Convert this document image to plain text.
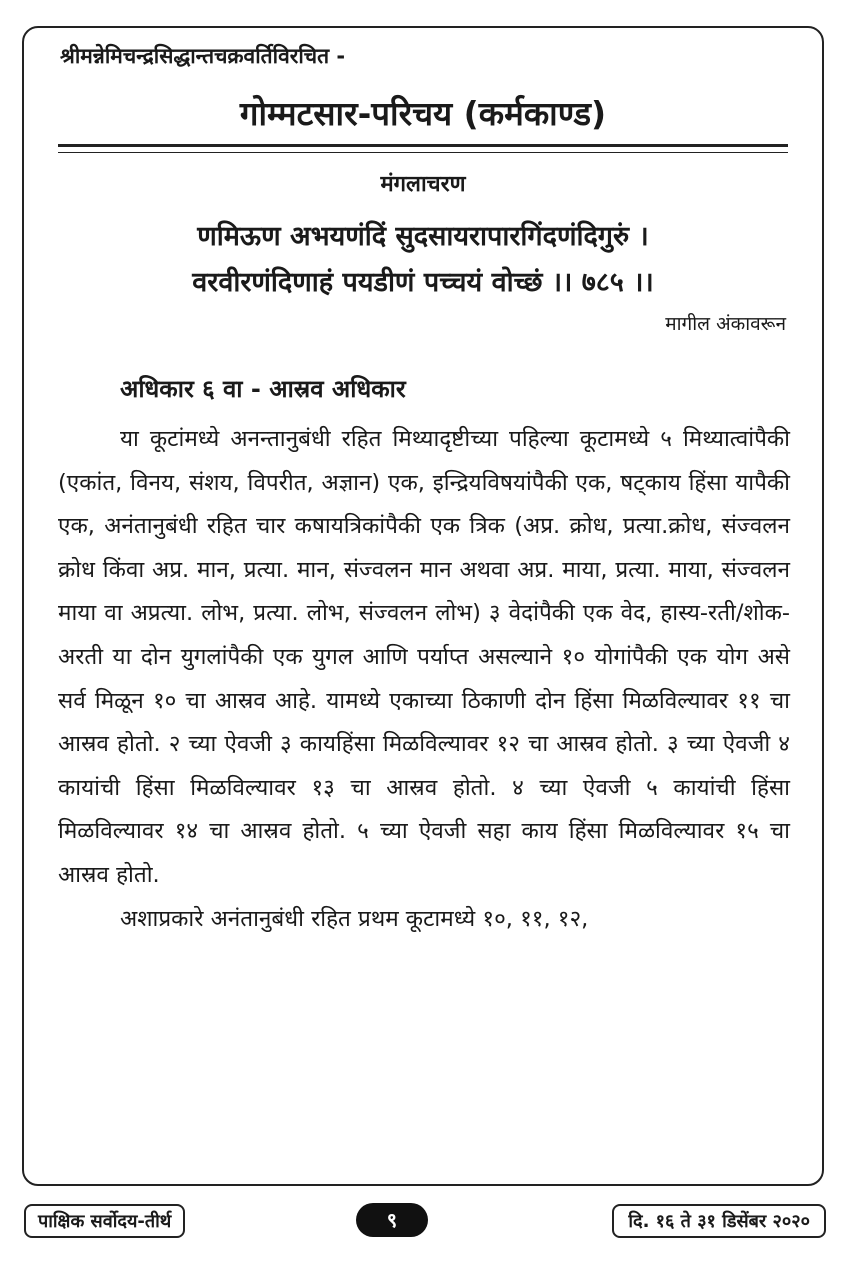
श्रीमन्नेमिचन्द्रसिद्धान्तचक्रवर्तिविरचित -

गोम्मटसार-परिचय (कर्मकाण्ड)
मंगलाचरण
णमिऊण अभयणंदिं सुदसायरापारगिंदणंदिगुरुं ।
वरवीरणंदिणाहं पयडीणं पच्चयं वोच्छं ।। ७८५ ।।

मागील अंकावरून

अधिकार ६ वा - आस्रव अधिकार

या कूटांमध्ये अनन्तानुबंधी रहित मिथ्यादृष्टीच्या पहिल्या कूटामध्ये ५ मिथ्यात्वांपैकी (एकांत, विनय, संशय, विपरीत, अज्ञान) एक, इन्द्रियविषयांपैकी एक, षट्काय हिंसा यापैकी एक, अनंतानुबंधी रहित चार कषायत्रिकांपैकी एक त्रिक (अप्र. क्रोध, प्रत्या.क्रोध, संज्वलन क्रोध किंवा अप्र. मान, प्रत्या. मान, संज्वलन मान अथवा अप्र. माया, प्रत्या. माया, संज्वलन माया वा अप्रत्या. लोभ, प्रत्या. लोभ, संज्वलन लोभ) ३ वेदांपैकी एक वेद, हास्य-रती/शोक-अरती या दोन युगलांपैकी एक युगल आणि पर्याप्त असल्याने १० योगांपैकी एक योग असे सर्व मिळून १० चा आस्रव आहे. यामध्ये एकाच्या ठिकाणी दोन हिंसा मिळविल्यावर ११ चा आस्रव होतो. २ च्या ऐवजी ३ कायहिंसा मिळविल्यावर १२ चा आस्रव होतो. ३ च्या ऐवजी ४ कायांची हिंसा मिळविल्यावर १३ चा आस्रव होतो. ४ च्या ऐवजी ५ कायांची हिंसा मिळविल्यावर १४ चा आस्रव होतो. ५ च्या ऐवजी सहा काय हिंसा मिळविल्यावर १५ चा आस्रव होतो.

अशाप्रकारे अनंतानुबंधी रहित प्रथम कूटामध्ये १०, ११, १२,

पाक्षिक सर्वोदय-तीर्थ	९	दि. १६ ते ३१ डिसेंबर २०२०
